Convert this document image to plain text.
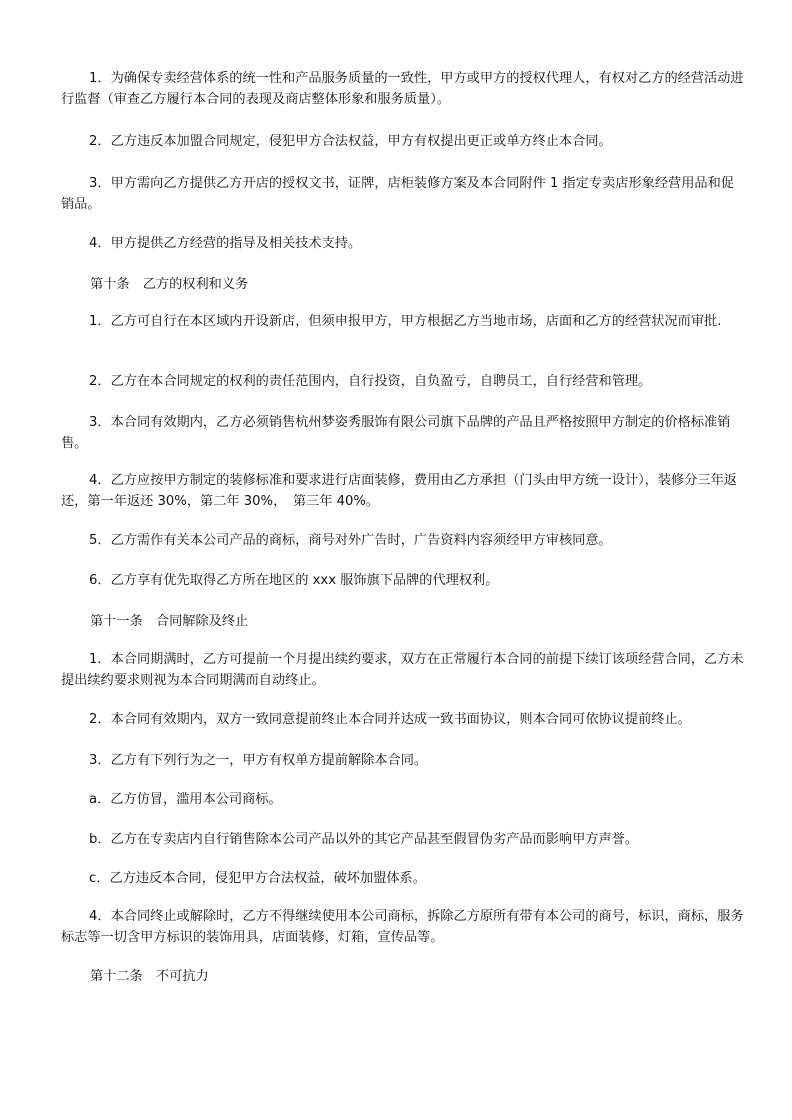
1．为确保专卖经营体系的统一性和产品服务质量的一致性，甲方或甲方的授权代理人，有权对乙方的经营活动进行监督（审查乙方履行本合同的表现及商店整体形象和服务质量）。

2．乙方违反本加盟合同规定，侵犯甲方合法权益，甲方有权提出更正或单方终止本合同。

3．甲方需向乙方提供乙方开店的授权文书，证牌，店柜装修方案及本合同附件 1 指定专卖店形象经营用品和促销品。

4．甲方提供乙方经营的指导及相关技术支持。

第十条　乙方的权利和义务

1．乙方可自行在本区域内开设新店，但须申报甲方，甲方根据乙方当地市场，店面和乙方的经营状况而审批.

2．乙方在本合同规定的权利的责任范围内，自行投资，自负盈亏，自聘员工，自行经营和管理。

3．本合同有效期内，乙方必须销售杭州梦姿秀服饰有限公司旗下品牌的产品且严格按照甲方制定的价格标准销售。

4．乙方应按甲方制定的装修标准和要求进行店面装修，费用由乙方承担（门头由甲方统一设计），装修分三年返还，第一年返还 30%，第二年 30%，　第三年 40%。

5．乙方需作有关本公司产品的商标，商号对外广告时，广告资料内容须经甲方审核同意。

6．乙方享有优先取得乙方所在地区的 xxx 服饰旗下品牌的代理权利。

第十一条　合同解除及终止

1．本合同期满时，乙方可提前一个月提出续约要求，双方在正常履行本合同的前提下续订该项经营合同，乙方未提出续约要求则视为本合同期满而自动终止。

2．本合同有效期内，双方一致同意提前终止本合同并达成一致书面协议，则本合同可依协议提前终止。

3．乙方有下列行为之一，甲方有权单方提前解除本合同。

a．乙方仿冒，滥用本公司商标。

b．乙方在专卖店内自行销售除本公司产品以外的其它产品甚至假冒伪劣产品而影响甲方声誉。

c．乙方违反本合同，侵犯甲方合法权益，破坏加盟体系。

4．本合同终止或解除时，乙方不得继续使用本公司商标，拆除乙方原所有带有本公司的商号，标识，商标，服务标志等一切含甲方标识的装饰用具，店面装修，灯箱，宣传品等。

第十二条　不可抗力
